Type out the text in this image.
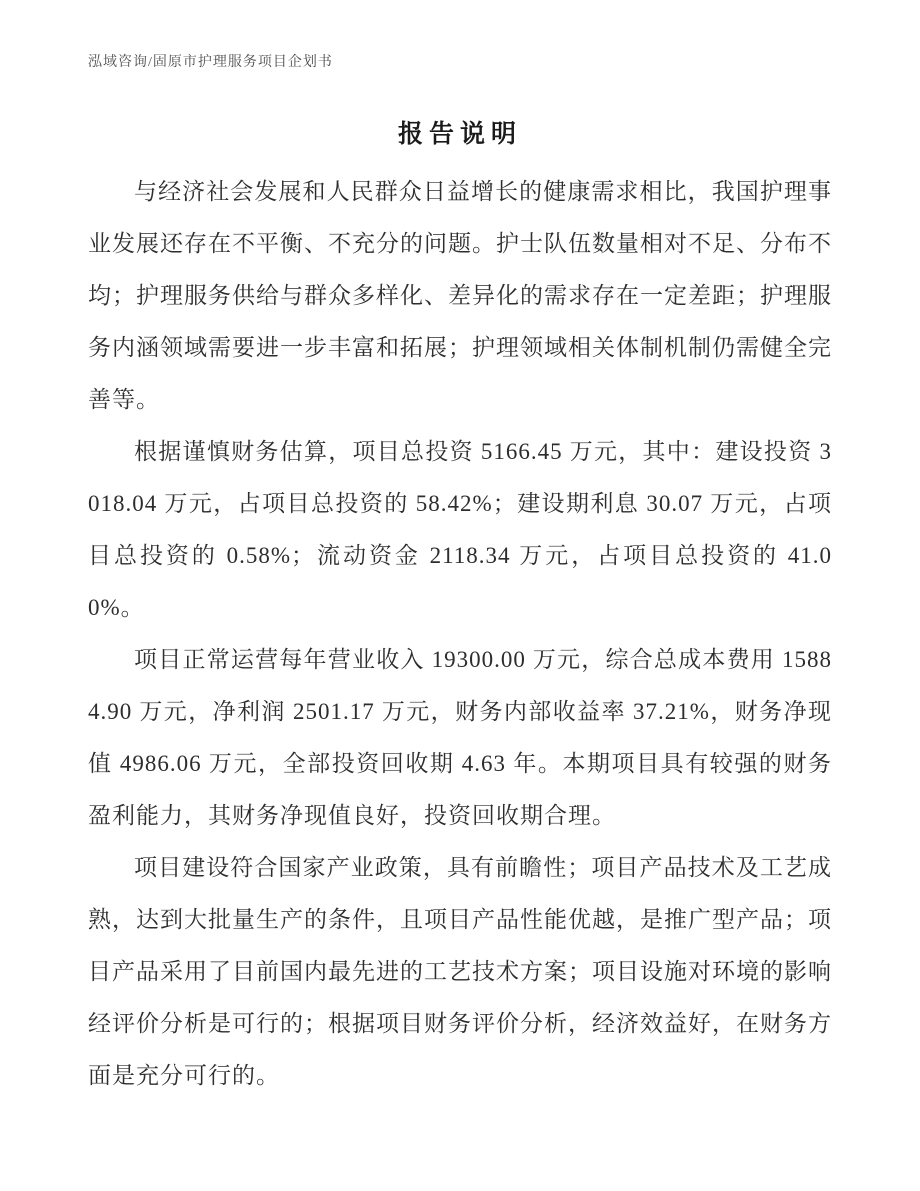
泓域咨询/固原市护理服务项目企划书
报告说明

与经济社会发展和人民群众日益增长的健康需求相比，我国护理事业发展还存在不平衡、不充分的问题。护士队伍数量相对不足、分布不均；护理服务供给与群众多样化、差异化的需求存在一定差距；护理服务内涵领域需要进一步丰富和拓展；护理领域相关体制机制仍需健全完善等。

根据谨慎财务估算，项目总投资 5166.45 万元，其中：建设投资 3018.04 万元，占项目总投资的 58.42%；建设期利息 30.07 万元，占项目总投资的 0.58%；流动资金 2118.34 万元，占项目总投资的 41.00%。

项目正常运营每年营业收入 19300.00 万元，综合总成本费用 15884.90 万元，净利润 2501.17 万元，财务内部收益率 37.21%，财务净现值 4986.06 万元，全部投资回收期 4.63 年。本期项目具有较强的财务盈利能力，其财务净现值良好，投资回收期合理。

项目建设符合国家产业政策，具有前瞻性；项目产品技术及工艺成熟，达到大批量生产的条件，且项目产品性能优越，是推广型产品；项目产品采用了目前国内最先进的工艺技术方案；项目设施对环境的影响经评价分析是可行的；根据项目财务评价分析，经济效益好，在财务方面是充分可行的。
